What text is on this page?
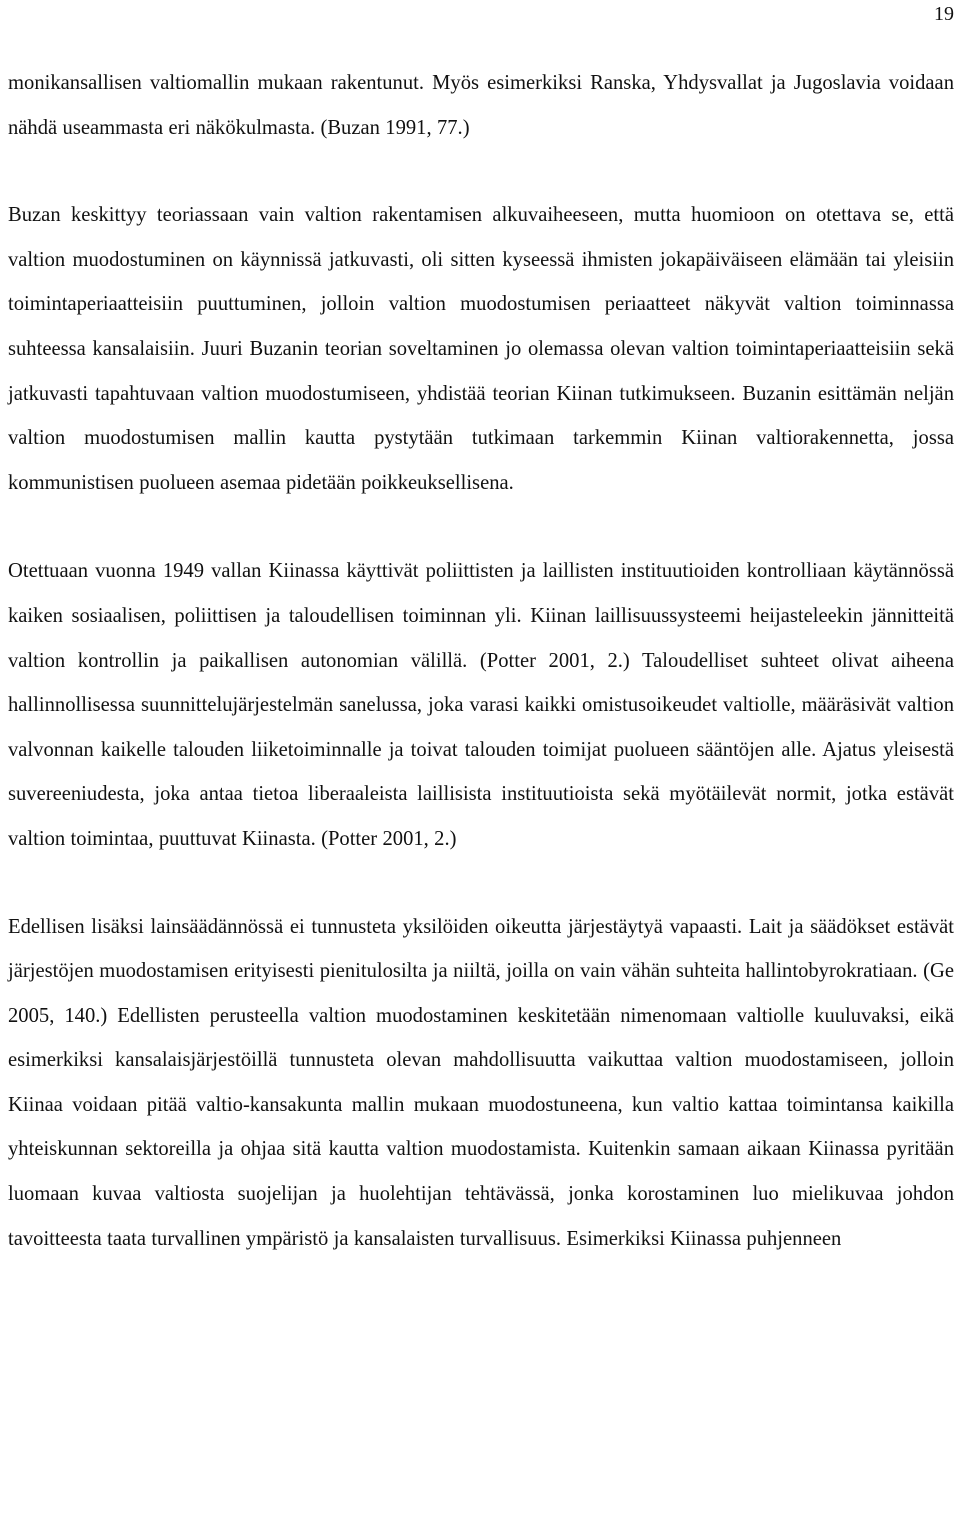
19

monikansallisen valtiomallin mukaan rakentunut. Myös esimerkiksi Ranska, Yhdysvallat ja Jugoslavia voidaan nähdä useammasta eri näkökulmasta. (Buzan 1991, 77.)

Buzan keskittyy teoriassaan vain valtion rakentamisen alkuvaiheeseen, mutta huomioon on otettava se, että valtion muodostuminen on käynnissä jatkuvasti, oli sitten kyseessä ihmisten jokapäiväiseen elämään tai yleisiin toimintaperiaatteisiin puuttuminen, jolloin valtion muodostumisen periaatteet näkyvät valtion toiminnassa suhteessa kansalaisiin. Juuri Buzanin teorian soveltaminen jo olemassa olevan valtion toimintaperiaatteisiin sekä jatkuvasti tapahtuvaan valtion muodostumiseen, yhdistää teorian Kiinan tutkimukseen. Buzanin esittämän neljän valtion muodostumisen mallin kautta pystytään tutkimaan tarkemmin Kiinan valtiorakennetta, jossa kommunistisen puolueen asemaa pidetään poikkeuksellisena.

Otettuaan vuonna 1949 vallan Kiinassa käyttivät poliittisten ja laillisten instituutioiden kontrolliaan käytännössä kaiken sosiaalisen, poliittisen ja taloudellisen toiminnan yli. Kiinan laillisuussysteemi heijasteleekin jännitteitä valtion kontrollin ja paikallisen autonomian välillä. (Potter 2001, 2.) Taloudelliset suhteet olivat aiheena hallinnollisessa suunnittelujärjestelmän sanelussa, joka varasi kaikki omistusoikeudet valtiolle, määräsivät valtion valvonnan kaikelle talouden liiketoiminnalle ja toivat talouden toimijat puolueen sääntöjen alle. Ajatus yleisestä suvereeniudesta, joka antaa tietoa liberaaleista laillisista instituutioista sekä myötäilevät normit, jotka estävät valtion toimintaa, puuttuvat Kiinasta. (Potter 2001, 2.)

Edellisen lisäksi lainsäädännössä ei tunnusteta yksilöiden oikeutta järjestäytyä vapaasti. Lait ja säädökset estävät järjestöjen muodostamisen erityisesti pienitulosilta ja niiltä, joilla on vain vähän suhteita hallintobyrokratiaan. (Ge 2005, 140.) Edellisten perusteella valtion muodostaminen keskitetään nimenomaan valtiolle kuuluvaksi, eikä esimerkiksi kansalaisjärjestöillä tunnusteta olevan mahdollisuutta vaikuttaa valtion muodostamiseen, jolloin Kiinaa voidaan pitää valtio-kansakunta mallin mukaan muodostuneena, kun valtio kattaa toimintansa kaikilla yhteiskunnan sektoreilla ja ohjaa sitä kautta valtion muodostamista. Kuitenkin samaan aikaan Kiinassa pyritään luomaan kuvaa valtiosta suojelijan ja huolehtijan tehtävässä, jonka korostaminen luo mielikuvaa johdon tavoitteesta taata turvallinen ympäristö ja kansalaisten turvallisuus. Esimerkiksi Kiinassa puhjenneen
